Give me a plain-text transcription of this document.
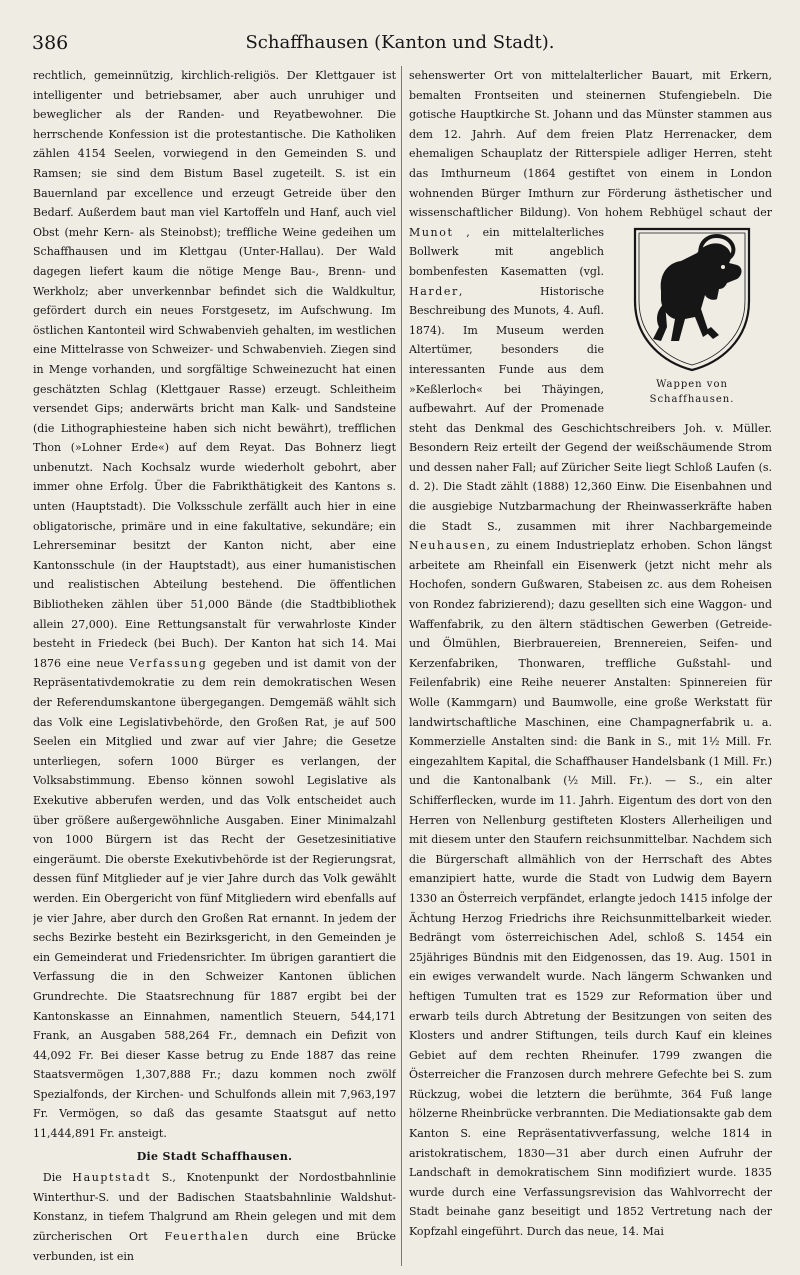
386	Schaffhausen (Kanton und Stadt).

rechtlich, gemeinnützig, kirchlich-religiös. Der Klettgauer ist intelligenter und betriebsamer, aber auch unruhiger und beweglicher als der Randen- und Reyatbewohner. Die herrschende Konfession ist die protestantische. Die Katholiken zählen 4154 Seelen, vorwiegend in den Gemeinden S. und Ramsen; sie sind dem Bistum Basel zugeteilt. S. ist ein Bauernland par excellence und erzeugt Getreide über den Bedarf. Außerdem baut man viel Kartoffeln und Hanf, auch viel Obst (mehr Kern- als Steinobst); treffliche Weine gedeihen um Schaffhausen und im Klettgau (Unter-Hallau). Der Wald dagegen liefert kaum die nötige Menge Bau-, Brenn- und Werkholz; aber unverkennbar befindet sich die Waldkultur, gefördert durch ein neues Forstgesetz, im Aufschwung. Im östlichen Kantonteil wird Schwabenvieh gehalten, im westlichen eine Mittelrasse von Schweizer- und Schwabenvieh. Ziegen sind in Menge vorhanden, und sorgfältige Schweinezucht hat einen geschätzten Schlag (Klettgauer Rasse) erzeugt. Schleitheim versendet Gips; anderwärts bricht man Kalk- und Sandsteine (die Lithographiesteine haben sich nicht bewährt), trefflichen Thon (»Lohner Erde«) auf dem Reyat. Das Bohnerz liegt unbenutzt. Nach Kochsalz wurde wiederholt gebohrt, aber immer ohne Erfolg. Über die Fabrikthätigkeit des Kantons s. unten (Hauptstadt). Die Volksschule zerfällt auch hier in eine obligatorische, primäre und in eine fakultative, sekundäre; ein Lehrerseminar besitzt der Kanton nicht, aber eine Kantonsschule (in der Hauptstadt), aus einer humanistischen und realistischen Abteilung bestehend. Die öffentlichen Bibliotheken zählen über 51,000 Bände (die Stadtbibliothek allein 27,000). Eine Rettungsanstalt für verwahrloste Kinder besteht in Friedeck (bei Buch). Der Kanton hat sich 14. Mai 1876 eine neue Verfassung gegeben und ist damit von der Repräsentativdemokratie zu dem rein demokratischen Wesen der Referendumskantone übergegangen. Demgemäß wählt sich das Volk eine Legislativbehörde, den Großen Rat, je auf 500 Seelen ein Mitglied und zwar auf vier Jahre; die Gesetze unterliegen, sofern 1000 Bürger es verlangen, der Volksabstimmung. Ebenso können sowohl Legislative als Exekutive abberufen werden, und das Volk entscheidet auch über größere außergewöhnliche Ausgaben. Einer Minimalzahl von 1000 Bürgern ist das Recht der Gesetzesinitiative eingeräumt. Die oberste Exekutivbehörde ist der Regierungsrat, dessen fünf Mitglieder auf je vier Jahre durch das Volk gewählt werden. Ein Obergericht von fünf Mitgliedern wird ebenfalls auf je vier Jahre, aber durch den Großen Rat ernannt. In jedem der sechs Bezirke besteht ein Bezirksgericht, in den Gemeinden je ein Gemeinderat und Friedensrichter. Im übrigen garantiert die Verfassung die in den Schweizer Kantonen üblichen Grundrechte. Die Staatsrechnung für 1887 ergibt bei der Kantonskasse an Einnahmen, namentlich Steuern, 544,171 Frank, an Ausgaben 588,264 Fr., demnach ein Defizit von 44,092 Fr. Bei dieser Kasse betrug zu Ende 1887 das reine Staatsvermögen 1,307,888 Fr.; dazu kommen noch zwölf Spezialfonds, der Kirchen- und Schulfonds allein mit 7,963,197 Fr. Vermögen, so daß das gesamte Staatsgut auf netto 11,444,891 Fr. ansteigt.

Die Stadt Schaffhausen.

Die Hauptstadt S., Knotenpunkt der Nordostbahnlinie Winterthur-S. und der Badischen Staatsbahnlinie Waldshut-Konstanz, in tiefem Thalgrund am Rhein gelegen und mit dem zürcherischen Ort Feuerthalen durch eine Brücke verbunden, ist ein

sehenswerter Ort von mittelalterlicher Bauart, mit Erkern, bemalten Frontseiten und steinernen Stufengiebeln. Die gotische Hauptkirche St. Johann und das Münster stammen aus dem 12. Jahrh. Auf dem freien Platz Herrenacker, dem ehemaligen Schauplatz der Ritterspiele adliger Herren, steht das Imthurneum (1864 gestiftet von einem in London wohnenden Bürger Imthurn zur Förderung ästhetischer und wissenschaftlicher Bildung). Von hohem Rebhügel schaut der Munot
Wappen von Schaffhausen.
, ein mittelalterliches Bollwerk mit angeblich bombenfesten Kasematten (vgl. Harder, Historische Beschreibung des Munots, 4. Aufl. 1874). Im Museum werden Altertümer, besonders die interessanten Funde aus dem »Keßlerloch« bei Thäyingen, aufbewahrt. Auf der Promenade steht das Denkmal des Geschichtschreibers Joh. v. Müller. Besondern Reiz erteilt der Gegend der weißschäumende Strom und dessen naher Fall; auf Züricher Seite liegt Schloß Laufen (s. d. 2). Die Stadt zählt (1888) 12,360 Einw. Die Eisenbahnen und die ausgiebige Nutzbarmachung der Rheinwasserkräfte haben die Stadt S., zusammen mit ihrer Nachbargemeinde Neuhausen, zu einem Industrieplatz erhoben. Schon längst arbeitete am Rheinfall ein Eisenwerk (jetzt nicht mehr als Hochofen, sondern Gußwaren, Stabeisen zc. aus dem Roheisen von Rondez fabrizierend); dazu gesellten sich eine Waggon- und Waffenfabrik, zu den ältern städtischen Gewerben (Getreide- und Ölmühlen, Bierbrauereien, Brennereien, Seifen- und Kerzenfabriken, Thonwaren, treffliche Gußstahl- und Feilenfabrik) eine Reihe neuerer Anstalten: Spinnereien für Wolle (Kammgarn) und Baumwolle, eine große Werkstatt für landwirtschaftliche Maschinen, eine Champagnerfabrik u. a. Kommerzielle Anstalten sind: die Bank in S., mit 1½ Mill. Fr. eingezahltem Kapital, die Schaffhauser Handelsbank (1 Mill. Fr.) und die Kantonalbank (½ Mill. Fr.). — S., ein alter Schifferflecken, wurde im 11. Jahrh. Eigentum des dort von den Herren von Nellenburg gestifteten Klosters Allerheiligen und mit diesem unter den Staufern reichsunmittelbar. Nachdem sich die Bürgerschaft allmählich von der Herrschaft des Abtes emanzipiert hatte, wurde die Stadt von Ludwig dem Bayern 1330 an Österreich verpfändet, erlangte jedoch 1415 infolge der Ächtung Herzog Friedrichs ihre Reichsunmittelbarkeit wieder. Bedrängt vom österreichischen Adel, schloß S. 1454 ein 25jähriges Bündnis mit den Eidgenossen, das 19. Aug. 1501 in ein ewiges verwandelt wurde. Nach längerm Schwanken und heftigen Tumulten trat es 1529 zur Reformation über und erwarb teils durch Abtretung der Besitzungen von seiten des Klosters und andrer Stiftungen, teils durch Kauf ein kleines Gebiet auf dem rechten Rheinufer. 1799 zwangen die Österreicher die Franzosen durch mehrere Gefechte bei S. zum Rückzug, wobei die letztern die berühmte, 364 Fuß lange hölzerne Rheinbrücke verbrannten. Die Mediationsakte gab dem Kanton S. eine Repräsentativverfassung, welche 1814 in aristokratischem, 1830—31 aber durch einen Aufruhr der Landschaft in demokratischem Sinn modifiziert wurde. 1835 wurde durch eine Verfassungsrevision das Wahlvorrecht der Stadt beinahe ganz beseitigt und 1852 Vertretung nach der Kopfzahl eingeführt. Durch das neue, 14. Mai
